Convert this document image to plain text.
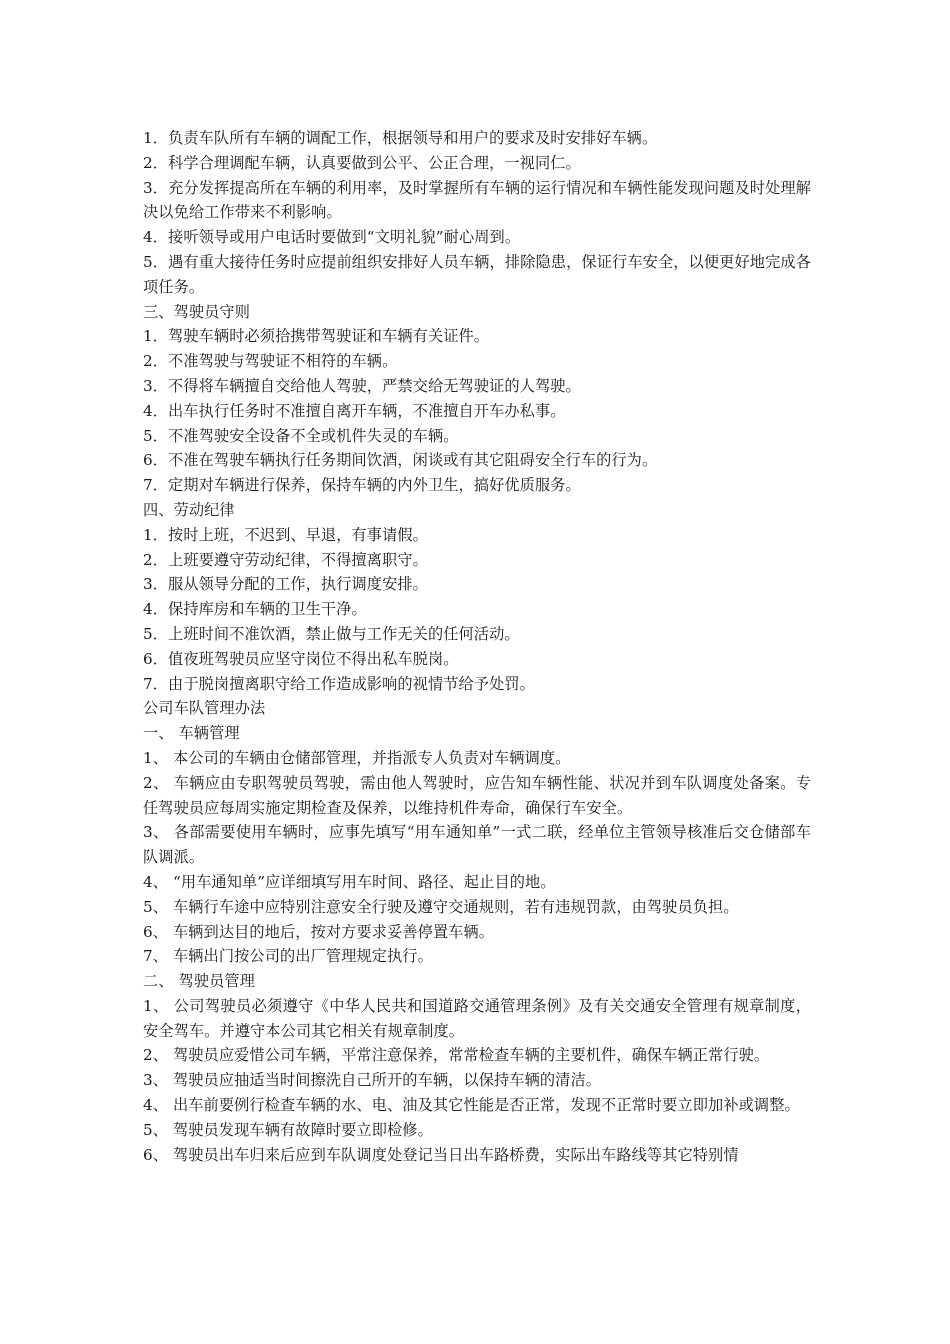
1．负责车队所有车辆的调配工作，根据领导和用户的要求及时安排好车辆。

2．科学合理调配车辆，认真要做到公平、公正合理，一视同仁。

3．充分发挥提高所在车辆的利用率，及时掌握所有车辆的运行情况和车辆性能发现问题及时处理解决以免给工作带来不利影响。

4．接听领导或用户电话时要做到“文明礼貌”耐心周到。

5．遇有重大接待任务时应提前组织安排好人员车辆，排除隐患，保证行车安全，以便更好地完成各项任务。

三、驾驶员守则

1．驾驶车辆时必须拾携带驾驶证和车辆有关证件。

2．不准驾驶与驾驶证不相符的车辆。

3．不得将车辆擅自交给他人驾驶，严禁交给无驾驶证的人驾驶。

4．出车执行任务时不准擅自离开车辆，不准擅自开车办私事。

5．不准驾驶安全设备不全或机件失灵的车辆。

6．不准在驾驶车辆执行任务期间饮酒，闲谈或有其它阻碍安全行车的行为。

7．定期对车辆进行保养，保持车辆的内外卫生，搞好优质服务。

四、劳动纪律

1．按时上班，不迟到、早退，有事请假。

2．上班要遵守劳动纪律，不得擅离职守。

3．服从领导分配的工作，执行调度安排。

4．保持库房和车辆的卫生干净。

5．上班时间不准饮酒，禁止做与工作无关的任何活动。

6．值夜班驾驶员应坚守岗位不得出私车脱岗。

7．由于脱岗擅离职守给工作造成影响的视情节给予处罚。

公司车队管理办法

一、 车辆管理

1、 本公司的车辆由仓储部管理，并指派专人负责对车辆调度。

2、 车辆应由专职驾驶员驾驶，需由他人驾驶时，应告知车辆性能、状况并到车队调度处备案。专任驾驶员应每周实施定期检查及保养，以维持机件寿命，确保行车安全。

3、 各部需要使用车辆时，应事先填写“用车通知单”一式二联，经单位主管领导核准后交仓储部车队调派。

4、 “用车通知单”应详细填写用车时间、路径、起止目的地。

5、 车辆行车途中应特别注意安全行驶及遵守交通规则，若有违规罚款，由驾驶员负担。

6、 车辆到达目的地后，按对方要求妥善停置车辆。

7、 车辆出门按公司的出厂管理规定执行。

二、 驾驶员管理

1、 公司驾驶员必须遵守《中华人民共和国道路交通管理条例》及有关交通安全管理有规章制度，安全驾车。并遵守本公司其它相关有规章制度。

2、 驾驶员应爱惜公司车辆，平常注意保养，常常检查车辆的主要机件，确保车辆正常行驶。

3、 驾驶员应抽适当时间擦洗自己所开的车辆，以保持车辆的清洁。

4、 出车前要例行检查车辆的水、电、油及其它性能是否正常，发现不正常时要立即加补或调整。

5、 驾驶员发现车辆有故障时要立即检修。

6、 驾驶员出车归来后应到车队调度处登记当日出车路桥费，实际出车路线等其它特别情
